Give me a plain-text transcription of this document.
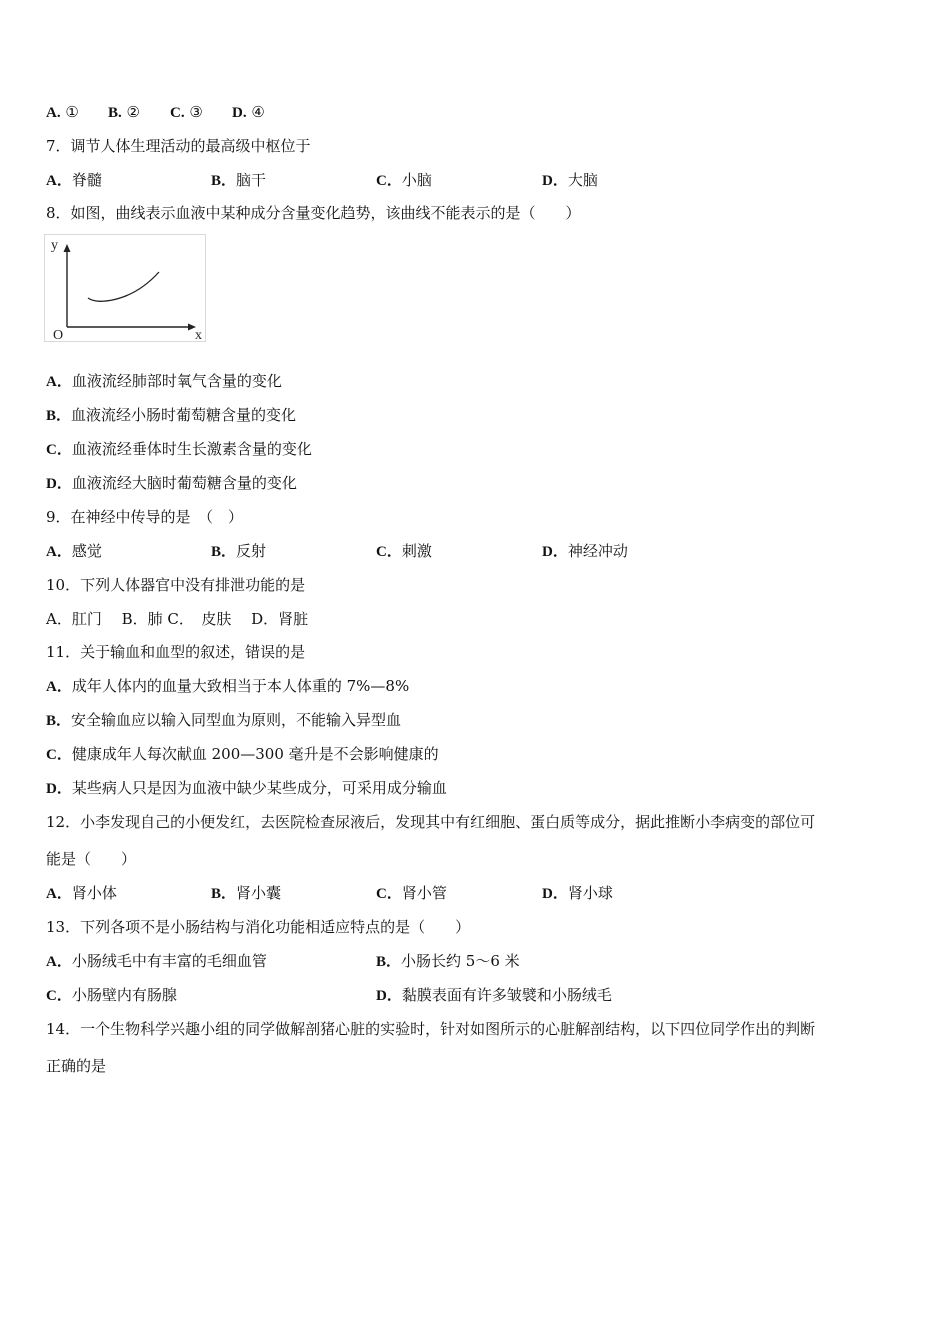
A. ① B. ② C. ③ D. ④
7．调节人体生理活动的最高级中枢位于
A．脊髓	B．脑干	C．小脑	D．大脑
8．如图，曲线表示血液中某种成分含量变化趋势，该曲线不能表示的是（　　）
y
O	x
A．血液流经肺部时氧气含量的变化
B．血液流经小肠时葡萄糖含量的变化
C．血液流经垂体时生长激素含量的变化
D．血液流经大脑时葡萄糖含量的变化
9．在神经中传导的是　（　）
A．感觉	B．反射	C．刺激	D．神经冲动
10．下列人体器官中没有排泄功能的是
A．肛门　 B．肺 C．　皮肤　 D．肾脏
11．关于输血和血型的叙述，错误的是
A．成年人体内的血量大致相当于本人体重的 7%—8%
B．安全输血应以输入同型血为原则，不能输入异型血
C．健康成年人每次献血 200—300 毫升是不会影响健康的
D．某些病人只是因为血液中缺少某些成分，可采用成分输血
12．小李发现自己的小便发红，去医院检查尿液后，发现其中有红细胞、蛋白质等成分，据此推断小李病变的部位可
能是（　　）
A．肾小体	B．肾小囊	C．肾小管	D．肾小球
13．下列各项不是小肠结构与消化功能相适应特点的是（　　）
A．小肠绒毛中有丰富的毛细血管	B．小肠长约 5～6 米
C．小肠壁内有肠腺	D．黏膜表面有许多皱襞和小肠绒毛
14．一个生物科学兴趣小组的同学做解剖猪心脏的实验时，针对如图所示的心脏解剖结构，以下四位同学作出的判断
正确的是
